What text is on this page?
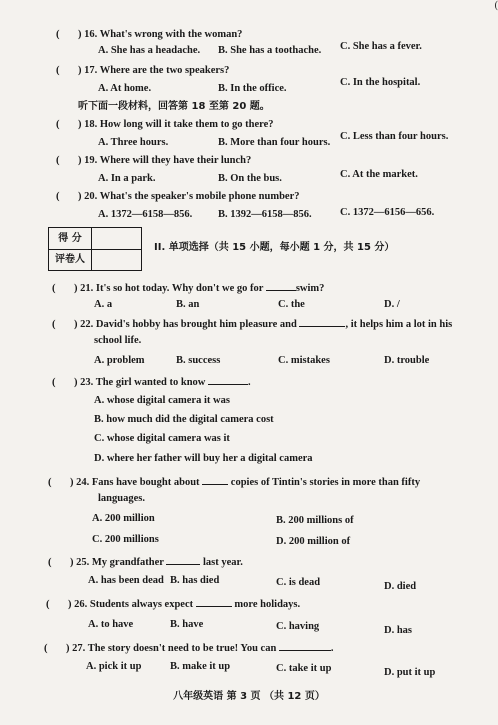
(
( ) 16. What's wrong with the woman?
A. She has a headache. B. She has a toothache. C. She has a fever.
( ) 17. Where are the two speakers?
A. At home.	B. In the office.
C. In the hospital.
听下面一段材料，回答第 18 至第 20 题。
( ) 18. How long will it take them to go there?
A. Three hours.	B. More than four hours.
C. Less than four hours.
( ) 19. Where will they have their lunch?
A. In a park.	B. On the bus.	C. At the market.
( ) 20. What's the speaker's mobile phone number?
A. 1372—6158—856. B. 1392—6158—856.	C. 1372—6156—656.
得 分
评卷人
II. 单项选择（共 15 小题，每小题 1 分，共 15 分）
( ) 21. It's so hot today. Why don't we go for	swim?
A. a	B. an	C. the	D. /
( ) 22. David's hobby has brought him pleasure and	, it helps him a lot in his
school life.
A. problem	B. success	C. mistakes	D. trouble
( ) 23. The girl wanted to know	.
A. whose digital camera it was
B. how much did the digital camera cost
C. whose digital camera was it
D. where her father will buy her a digital camera
( ) 24. Fans have bought about	copies of Tintin's stories in more than fifty
languages.
A. 200 million	B. 200 millions of
C. 200 millions	D. 200 million of
( ) 25. My grandfather	last year.
A. has been dead B. has died	C. is dead	D. died
( ) 26. Students always expect	more holidays.
A. to have	B. have	C. having	D. has
( ) 27. The story doesn't need to be true! You can	.
A. pick it up	B. make it up	C. take it up	D. put it up
八年级英语 第 3 页 （共 12 页）
